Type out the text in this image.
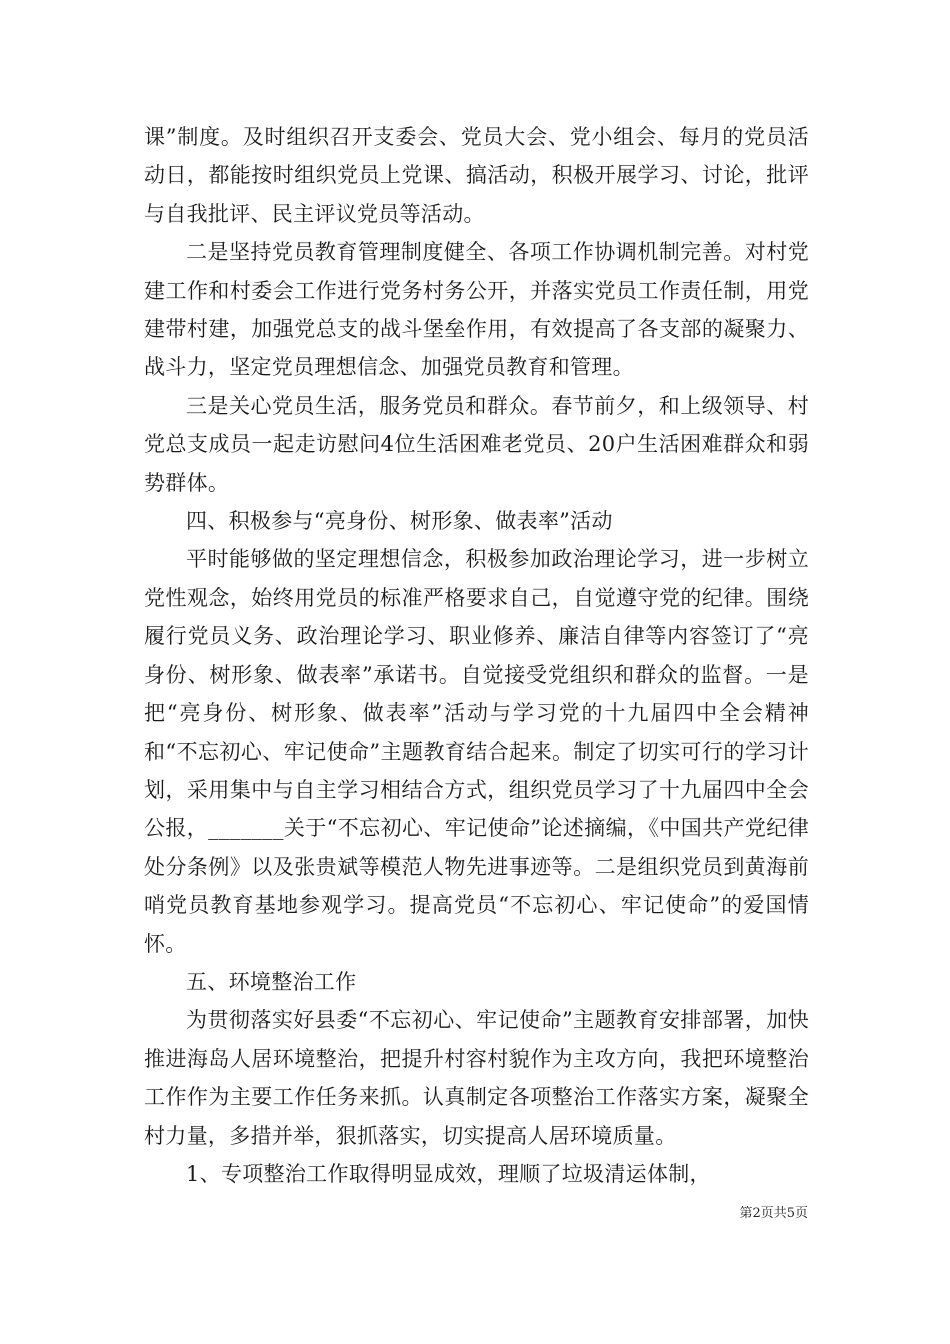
课”制度。及时组织召开支委会、党员大会、党小组会、每月的党员活动日，都能按时组织党员上党课、搞活动，积极开展学习、讨论，批评与自我批评、民主评议党员等活动。

二是坚持党员教育管理制度健全、各项工作协调机制完善。对村党建工作和村委会工作进行党务村务公开，并落实党员工作责任制，用党建带村建，加强党总支的战斗堡垒作用，有效提高了各支部的凝聚力、战斗力，坚定党员理想信念、加强党员教育和管理。

三是关心党员生活，服务党员和群众。春节前夕，和上级领导、村党总支成员一起走访慰问4位生活困难老党员、20户生活困难群众和弱势群体。

四、积极参与“亮身份、树形象、做表率”活动

平时能够做的坚定理想信念，积极参加政治理论学习，进一步树立党性观念，始终用党员的标准严格要求自己，自觉遵守党的纪律。围绕履行党员义务、政治理论学习、职业修养、廉洁自律等内容签订了“亮身份、树形象、做表率”承诺书。自觉接受党组织和群众的监督。一是把“亮身份、树形象、做表率”活动与学习党的十九届四中全会精神和“不忘初心、牢记使命”主题教育结合起来。制定了切实可行的学习计划，采用集中与自主学习相结合方式，组织党员学习了十九届四中全会公报，_______关于“不忘初心、牢记使命”论述摘编，《中国共产党纪律处分条例》以及张贵斌等模范人物先进事迹等。二是组织党员到黄海前哨党员教育基地参观学习。提高党员“不忘初心、牢记使命”的爱国情怀。

五、环境整治工作

为贯彻落实好县委“不忘初心、牢记使命”主题教育安排部署，加快推进海岛人居环境整治，把提升村容村貌作为主攻方向，我把环境整治工作作为主要工作任务来抓。认真制定各项整治工作落实方案，凝聚全村力量，多措并举，狠抓落实，切实提高人居环境质量。

1、专项整治工作取得明显成效，理顺了垃圾清运体制，

第2页共5页
